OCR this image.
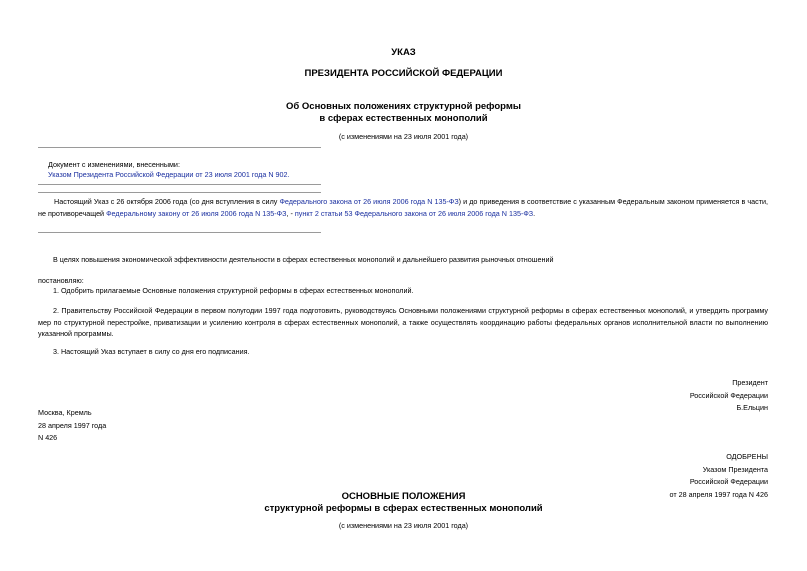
УКАЗ
ПРЕЗИДЕНТА РОССИЙСКОЙ ФЕДЕРАЦИИ
Об Основных положениях структурной реформы
в сферах естественных монополий
(с изменениями на 23 июля 2001 года)
Документ с изменениями, внесенными:
Указом Президента Российской Федерации от 23 июля 2001 года N 902.
Настоящий Указ с 26 октября 2006 года (со дня вступления в силу Федерального закона от 26 июля 2006 года N 135-ФЗ) и до приведения в соответствие с указанным Федеральным законом применяется в части, не противоречащей Федеральному закону от 26 июля 2006 года N 135-ФЗ, - пункт 2 статьи 53 Федерального закона от 26 июля 2006 года N 135-ФЗ.
В целях повышения экономической эффективности деятельности в сферах естественных монополий и дальнейшего развития рыночных отношений
постановляю:
1. Одобрить прилагаемые Основные положения структурной реформы в сферах естественных монополий.
2. Правительству Российской Федерации в первом полугодии 1997 года подготовить, руководствуясь Основными положениями структурной реформы в сферах естественных монополий, и утвердить программу мер по структурной перестройке, приватизации и усилению контроля в сферах естественных монополий, а также осуществлять координацию работы федеральных органов исполнительной власти по выполнению указанной программы.
3. Настоящий Указ вступает в силу со дня его подписания.
Президент
Российской Федерации
Б.Ельцин
Москва, Кремль
28 апреля 1997 года
N 426
ОДОБРЕНЫ
Указом Президента
Российской Федерации
от 28 апреля 1997 года N 426
ОСНОВНЫЕ ПОЛОЖЕНИЯ
структурной реформы в сферах естественных монополий
(с изменениями на 23 июля 2001 года)
